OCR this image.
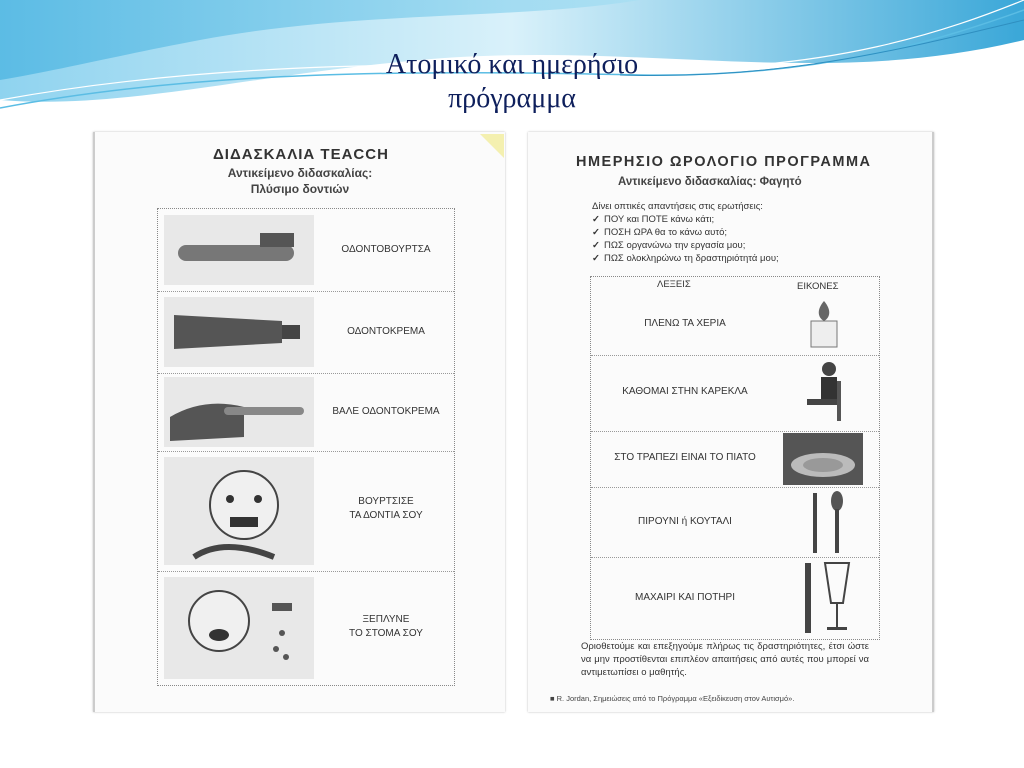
Ατομικό και ημερήσιο
πρόγραμμα
ΔΙΔΑΣΚΑΛΙΑ TEACCH
Αντικείμενο διδασκαλίας:
Πλύσιμο δοντιών
ΟΔΟΝΤΟΒΟΥΡΤΣΑ
ΟΔΟΝΤΟΚΡΕΜΑ
ΒΑΛΕ ΟΔΟΝΤΟΚΡΕΜΑ
ΒΟΥΡΤΣΙΣΕ
ΤΑ ΔΟΝΤΙΑ ΣΟΥ
ΞΕΠΛΥΝΕ
ΤΟ ΣΤΟΜΑ ΣΟΥ
ΗΜΕΡΗΣΙΟ ΩΡΟΛΟΓΙΟ ΠΡΟΓΡΑΜΜΑ
Αντικείμενο διδασκαλίας: Φαγητό
Δίνει οπτικές απαντήσεις στις ερωτήσεις:
✓ ΠΟΥ και ΠΟΤΕ κάνω κάτι;
✓ ΠΟΣΗ ΩΡΑ θα το κάνω αυτό;
✓ ΠΩΣ οργανώνω την εργασία μου;
✓ ΠΩΣ ολοκληρώνω τη δραστηριότητά μου;
ΛΕΞΕΙΣ	ΕΙΚΟΝΕΣ
ΠΛΕΝΩ ΤΑ ΧΕΡΙΑ
ΚΑΘΟΜΑΙ ΣΤΗΝ ΚΑΡΕΚΛΑ
ΣΤΟ ΤΡΑΠΕΖΙ ΕΙΝΑΙ ΤΟ ΠΙΑΤΟ
ΠΙΡΟΥΝΙ ή ΚΟΥΤΑΛΙ
ΜΑΧΑΙΡΙ ΚΑΙ ΠΟΤΗΡΙ
Οριοθετούμε και επεξηγούμε πλήρως τις δραστηριότητες, έτσι ώστε να μην προστίθενται επιπλέον απαιτήσεις από αυτές που μπορεί να αντιμετωπίσει ο μαθητής.
■ R. Jordan, Σημειώσεις από το Πρόγραμμα «Εξειδίκευση στον Αυτισμό».
